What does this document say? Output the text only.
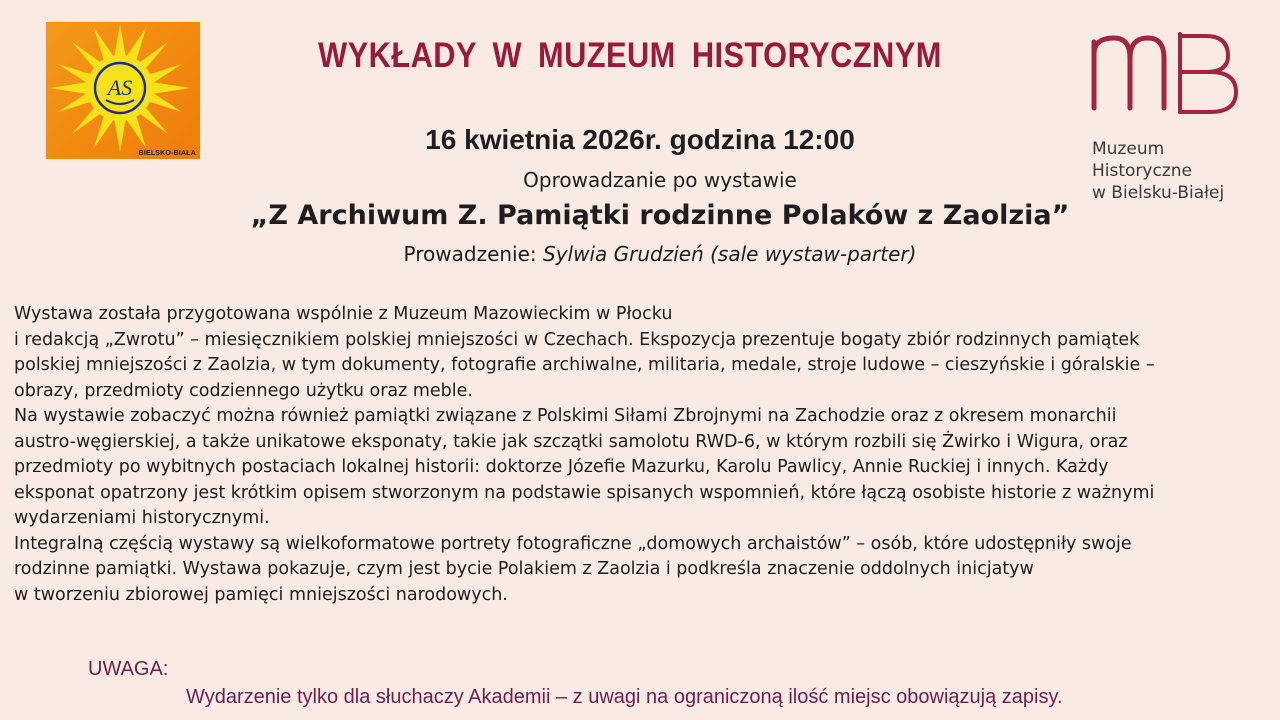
AS
BIELSKO-BIAŁA	Muzeum
Historyczne
w Bielsku-Białej
WYKŁADY W MUZEUM HISTORYCZNYM
16 kwietnia 2026r. godzina 12:00
Oprowadzanie po wystawie
„Z Archiwum Z. Pamiątki rodzinne Polaków z Zaolzia”
Prowadzenie: Sylwia Grudzień (sale wystaw-parter)
Wystawa została przygotowana wspólnie z Muzeum Mazowieckim w Płocku
i redakcją „Zwrotu” – miesięcznikiem polskiej mniejszości w Czechach. Ekspozycja prezentuje bogaty zbiór rodzinnych pamiątek
polskiej mniejszości z Zaolzia, w tym dokumenty, fotografie archiwalne, militaria, medale, stroje ludowe – cieszyńskie i góralskie –
obrazy, przedmioty codziennego użytku oraz meble.
Na wystawie zobaczyć można również pamiątki związane z Polskimi Siłami Zbrojnymi na Zachodzie oraz z okresem monarchii
austro-węgierskiej, a także unikatowe eksponaty, takie jak szczątki samolotu RWD-6, w którym rozbili się Żwirko i Wigura, oraz
przedmioty po wybitnych postaciach lokalnej historii: doktorze Józefie Mazurku, Karolu Pawlicy, Annie Ruckiej i innych. Każdy
eksponat opatrzony jest krótkim opisem stworzonym na podstawie spisanych wspomnień, które łączą osobiste historie z ważnymi
wydarzeniami historycznymi.
Integralną częścią wystawy są wielkoformatowe portrety fotograficzne „domowych archaistów” – osób, które udostępniły swoje
rodzinne pamiątki. Wystawa pokazuje, czym jest bycie Polakiem z Zaolzia i podkreśla znaczenie oddolnych inicjatyw
w tworzeniu zbiorowej pamięci mniejszości narodowych.
UWAGA:
Wydarzenie tylko dla słuchaczy Akademii – z uwagi na ograniczoną ilość miejsc obowiązują zapisy.
